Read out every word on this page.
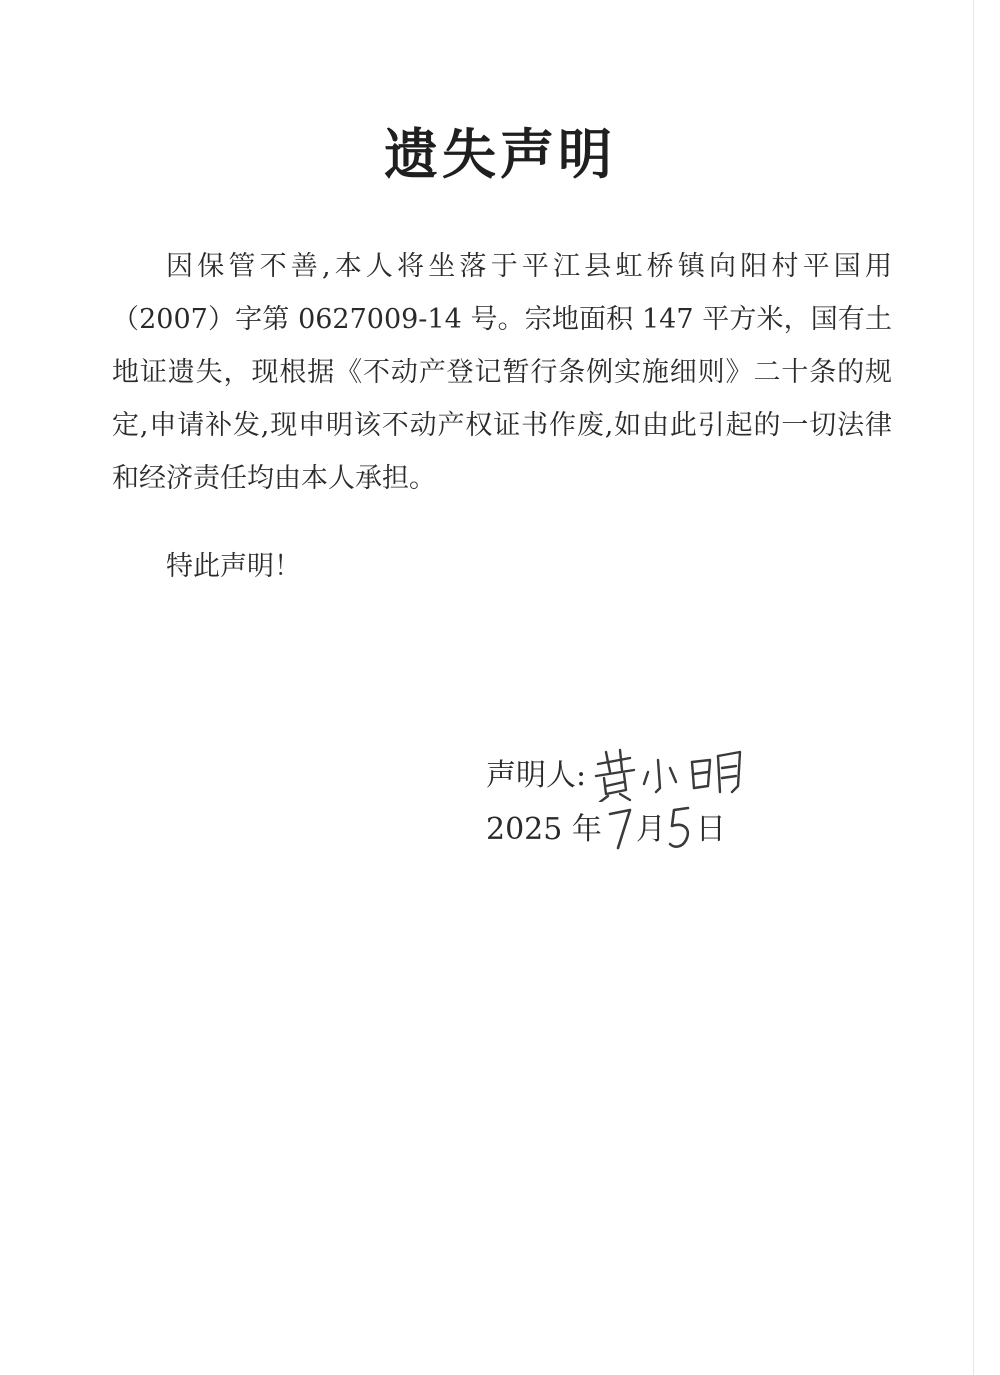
遗失声明
因保管不善,本人将坐落于平江县虹桥镇向阳村平国用（2007）字第 0627009-14 号。宗地面积 147 平方米，国有土地证遗失，现根据《不动产登记暂行条例实施细则》二十条的规定,申请补发,现申明该不动产权证书作废,如由此引起的一切法律和经济责任均由本人承担。
特此声明！
声明人:
2025 年 月 日
